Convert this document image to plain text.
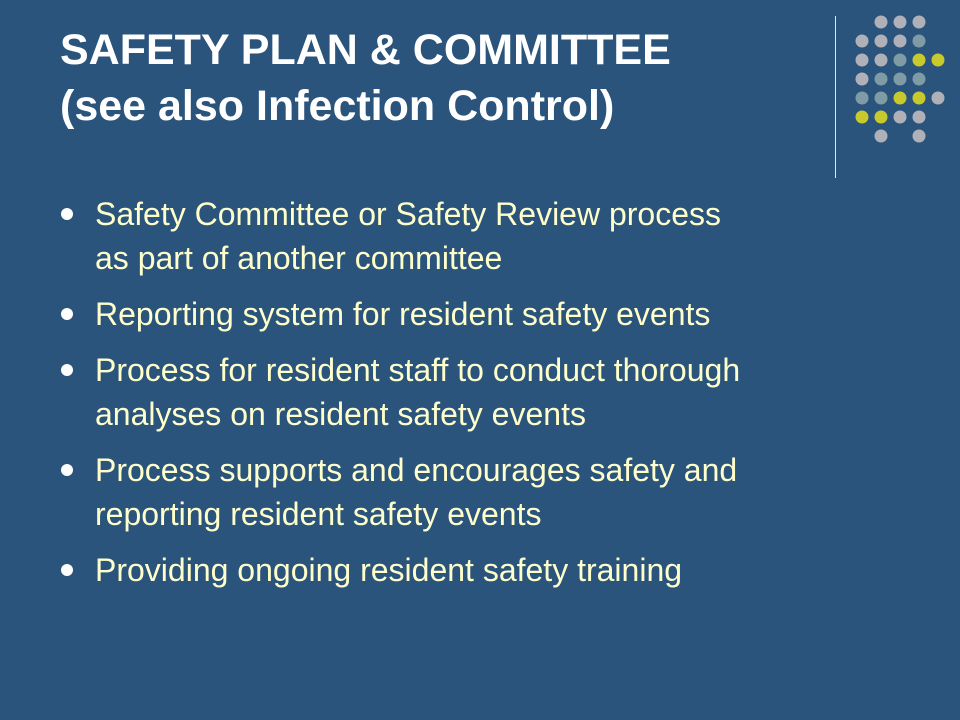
SAFETY PLAN & COMMITTEE
(see also Infection Control)
Safety Committee or Safety Review process
as part of another committee
Reporting system for resident safety events
Process for resident staff to conduct thorough
analyses on resident safety events
Process supports and encourages safety and
reporting resident safety events
Providing ongoing resident safety training
